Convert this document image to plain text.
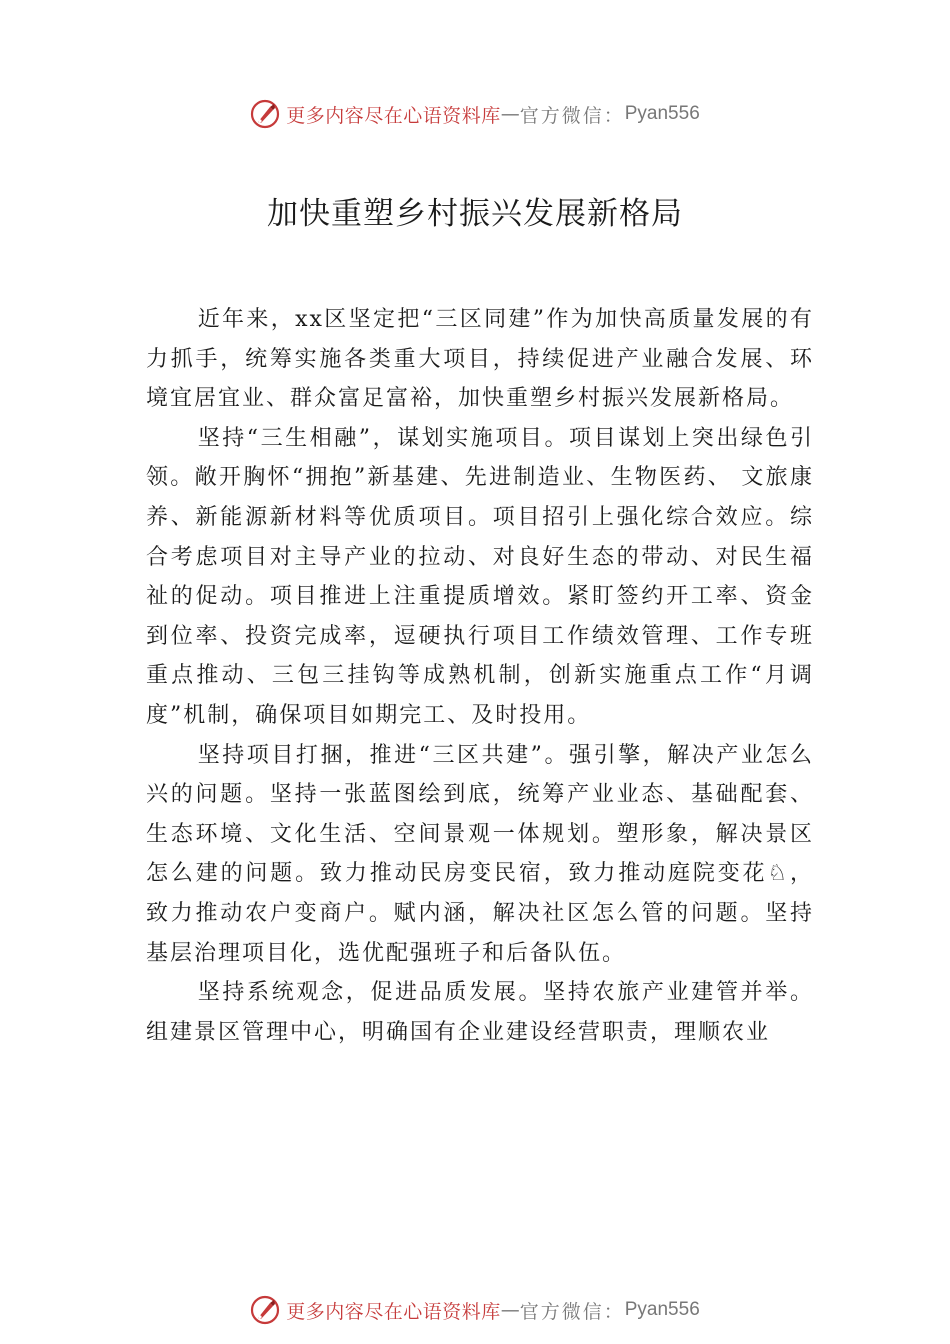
更多内容尽在心语资料库 — 官方微信： Pyan556
加快重塑乡村振兴发展新格局

近年来，xx区坚定把“三区同建”作为加快高质量发展的有力抓手，统筹实施各类重大项目，持续促进产业融合发展、环境宜居宜业、群众富足富裕，加快重塑乡村振兴发展新格局。

坚持“三生相融”，谋划实施项目。项目谋划上突出绿色引领。敞开胸怀“拥抱”新基建、先进制造业、生物医药、 文旅康养、新能源新材料等优质项目。项目招引上强化综合效应。综合考虑项目对主导产业的拉动、对良好生态的带动、对民生福祉的促动。项目推进上注重提质增效。紧盯签约开工率、资金到位率、投资完成率，逗硬执行项目工作绩效管理、工作专班重点推动、三包三挂钩等成熟机制，创新实施重点工作“月调度”机制，确保项目如期完工、及时投用。

坚持项目打捆，推进“三区共建”。强引擎，解决产业怎么兴的问题。坚持一张蓝图绘到底，统筹产业业态、基础配套、生态环境、文化生活、空间景观一体规划。塑形象，解决景区怎么建的问题。致力推动民房变民宿，致力推动庭院变花♘，致力推动农户变商户。赋内涵，解决社区怎么管的问题。坚持基层治理项目化，选优配强班子和后备队伍。

坚持系统观念，促进品质发展。坚持农旅产业建管并举。组建景区管理中心，明确国有企业建设经营职责，理顺农业

更多内容尽在心语资料库 — 官方微信： Pyan556
